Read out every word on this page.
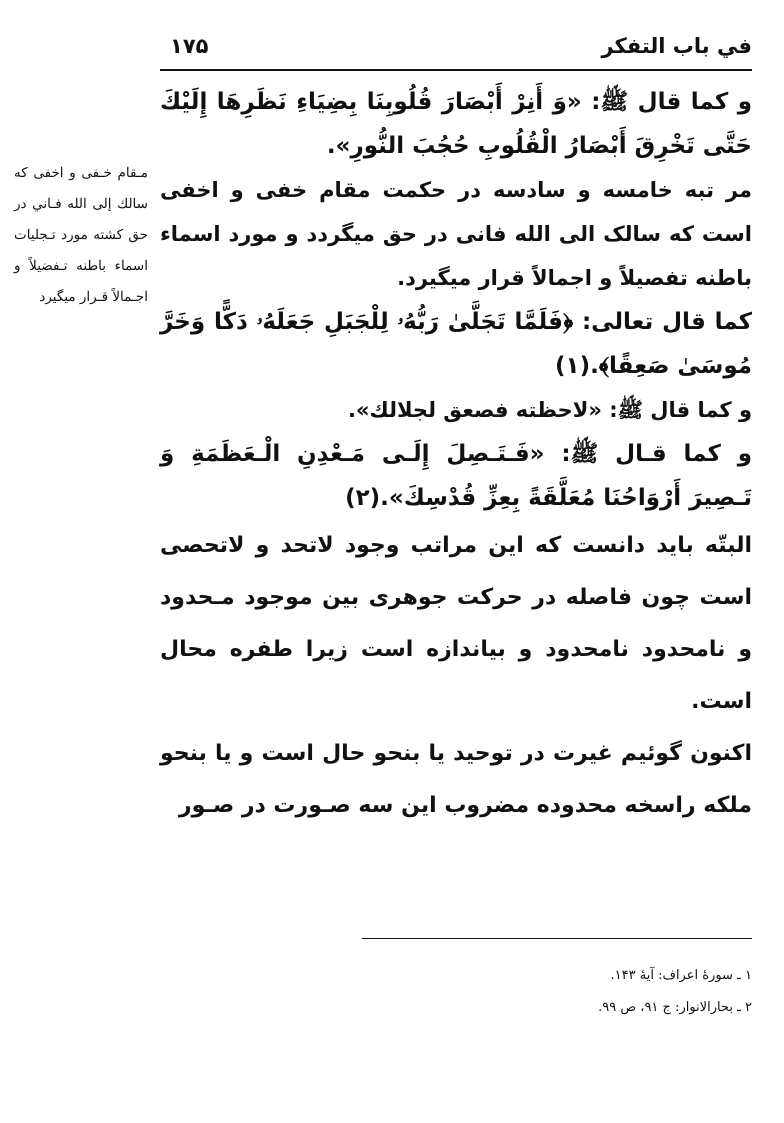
في باب التفكر
۱۷۵
مـقام خـفی و اخفی که سالك إلی الله فـاني در حق کشته مورد تـجلیات اسماء باطنه تـفضیلاً و اجـمالاً قـرار میگیرد

و کما قال ﷺ: «وَ أَنِرْ أَبْصَارَ قُلُوبِنَا بِضِيَاءِ نَظَرِهَا إِلَيْكَ حَتَّى تَخْرِقَ أَبْصَارُ الْقُلُوبِ حُجُبَ النُّورِ».

مر تبه خامسه و سادسه در حکمت مقام خفی و اخفی است که سالک الی الله فانی در حق میگردد و مورد اسماء باطنه تفصیلاً و اجمالاً قرار میگیرد.

کما قال تعالی: ﴿فَلَمَّا تَجَلَّىٰ رَبُّهُۥ لِلْجَبَلِ جَعَلَهُۥ دَكًّا وَخَرَّ مُوسَىٰ صَعِقًا﴾.(۱)

و کما قال ﷺ: «لاحظته فصعق لجلالك».

و کما قـال ﷺ: «فَـتَـصِلَ إِلَـى مَـعْدِنِ الْـعَظَمَةِ وَ تَـصِيرَ أَرْوَاحُنَا مُعَلَّقَةً بِعِزِّ قُدْسِكَ».(۲)

البتّه باید دانست که این مراتب وجود لاتحد و لاتحصی است چون فاصله در حرکت جوهری بین موجود مـحدود و نامحدود نامحدود و بیاندازه است زیرا طفره محال است.

اکنون گوئیم غیرت در توحید یا بنحو حال است و یا بنحو ملکه راسخه محدوده مضروب این سه صـورت در صـور

۱ ـ سورهٔ اعراف: آیهٔ ۱۴۳.
۲ ـ بحارالانوار: ج ۹۱، ص ۹۹.
